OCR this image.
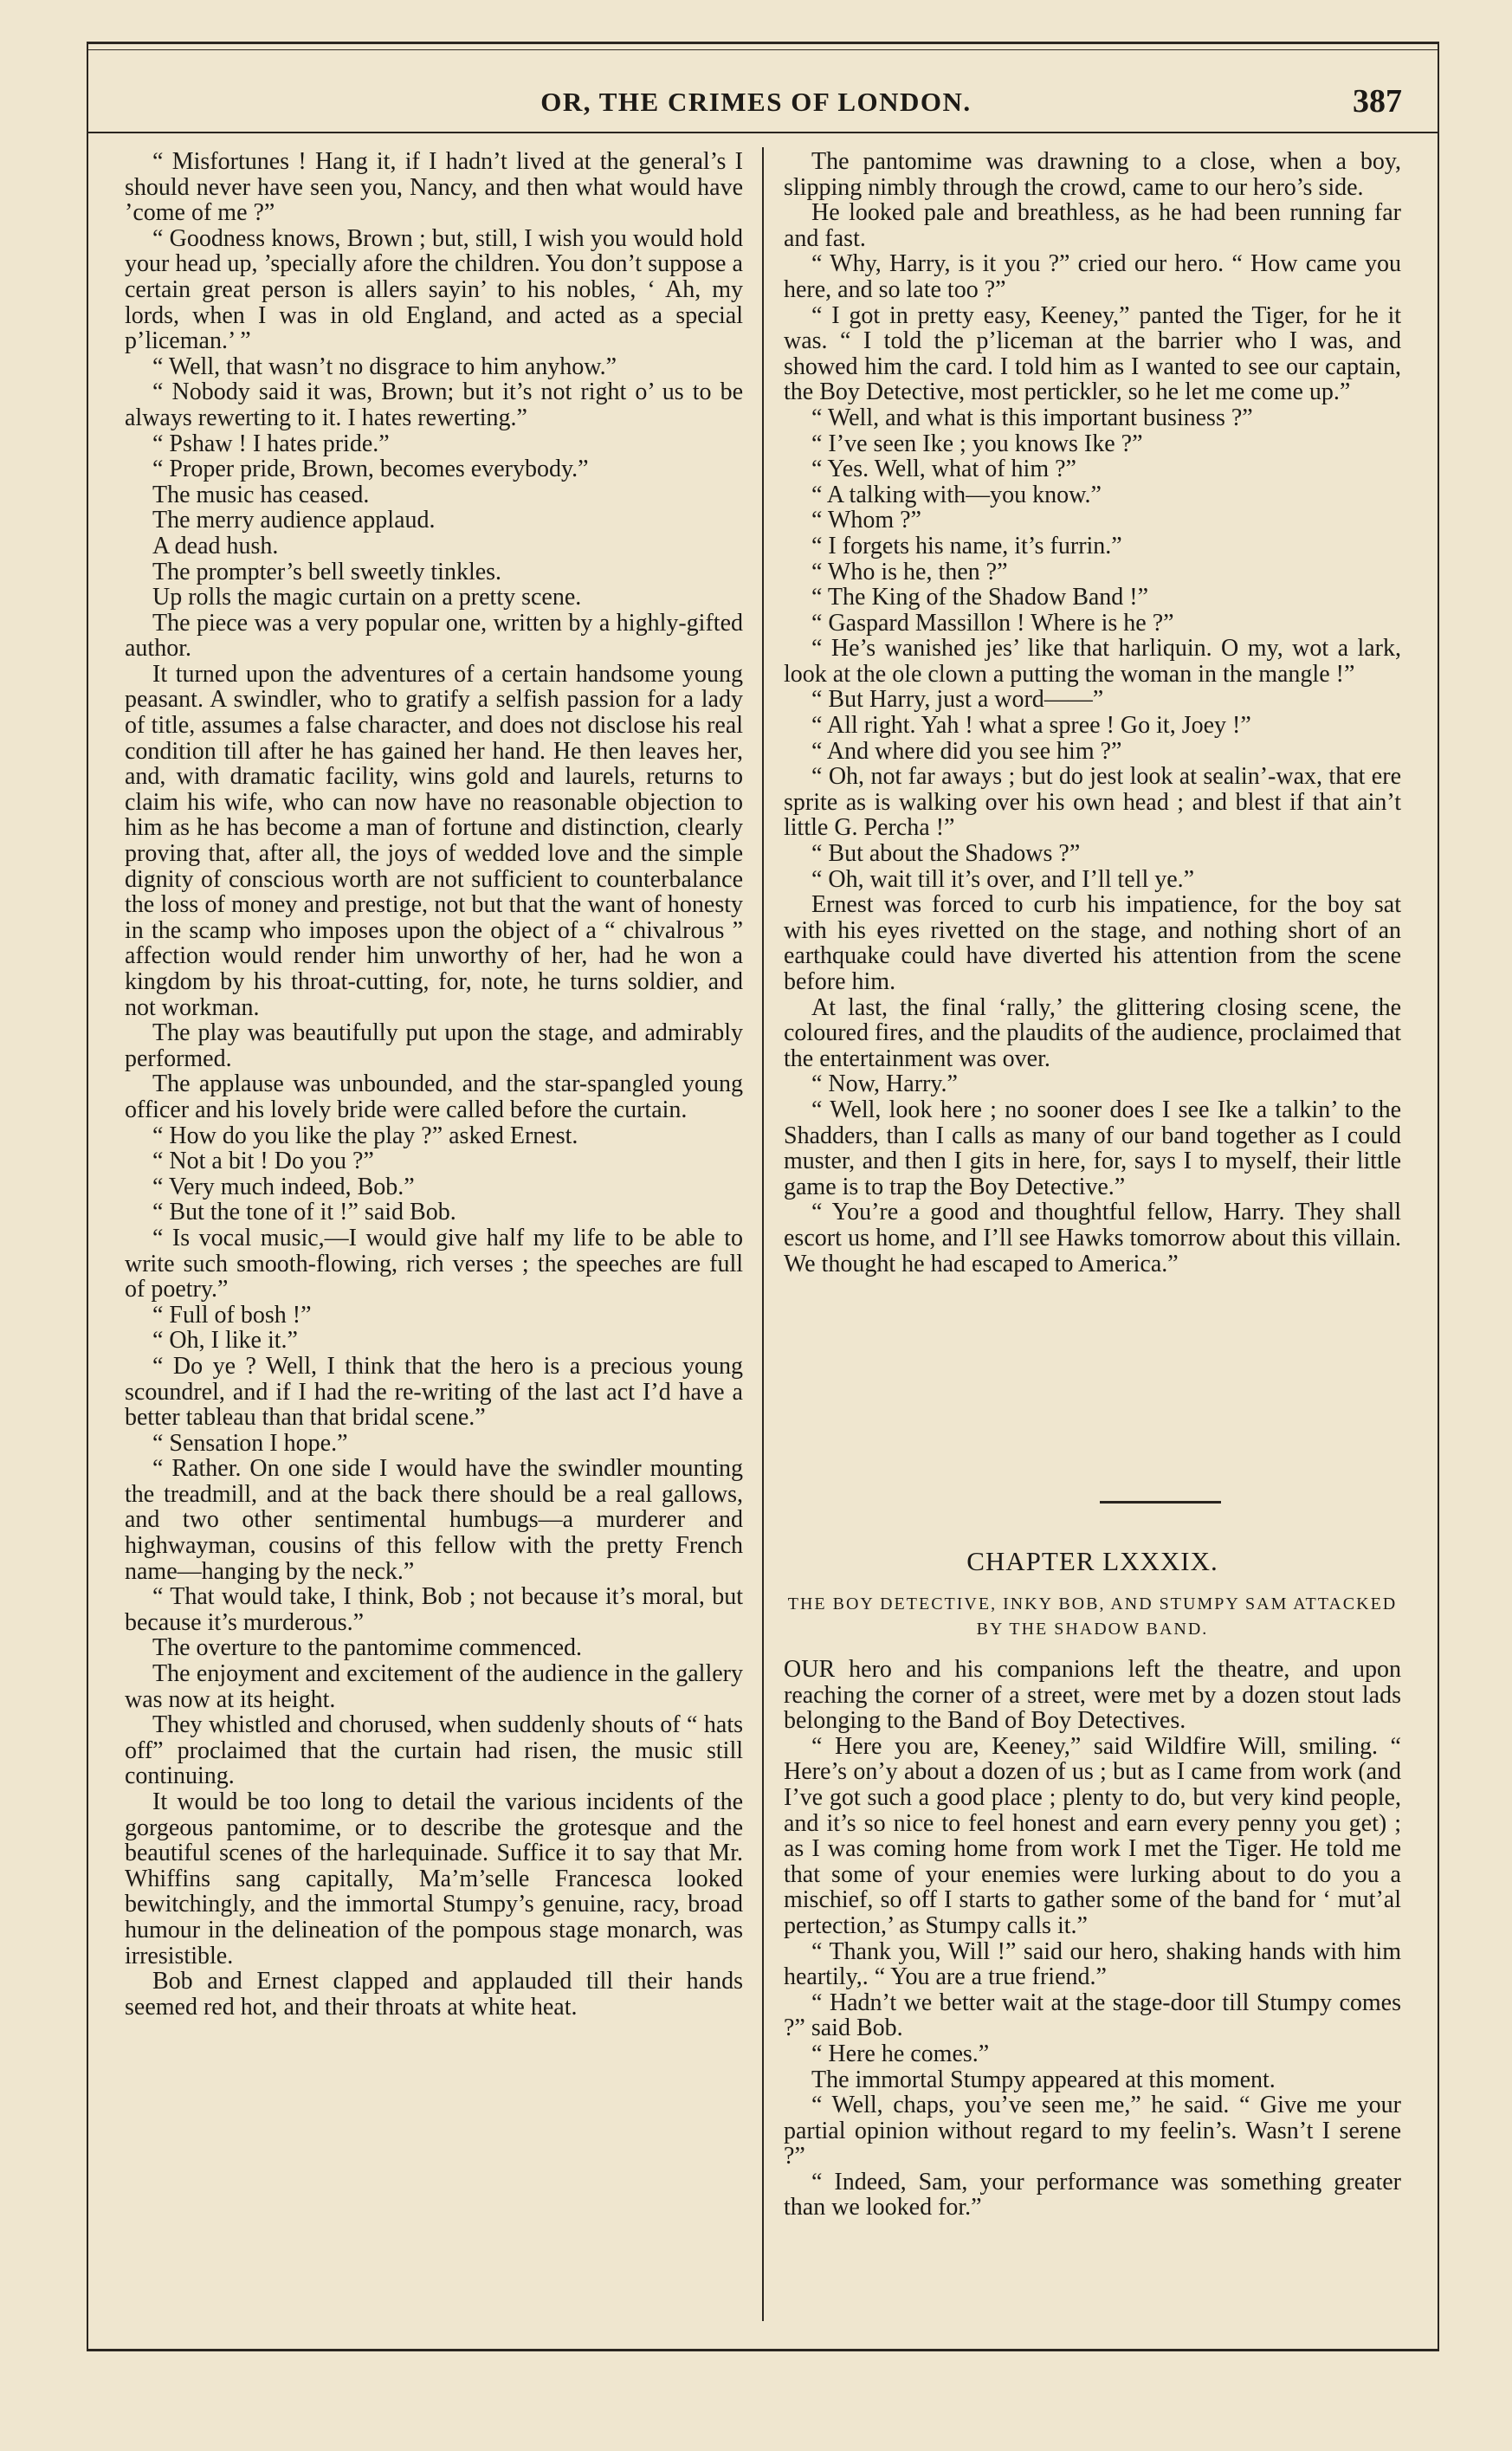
OR, THE CRIMES OF LONDON.	387

“ Misfortunes ! Hang it, if I hadn’t lived at the general’s I should never have seen you, Nancy, and then what would have ’come of me ?”

“ Goodness knows, Brown ; but, still, I wish you would hold your head up, ’specially afore the children. You don’t suppose a certain great person is allers sayin’ to his nobles, ‘ Ah, my lords, when I was in old England, and acted as a special p’liceman.’ ”

“ Well, that wasn’t no disgrace to him anyhow.”

“ Nobody said it was, Brown; but it’s not right o’ us to be always rewerting to it. I hates rewerting.”

“ Pshaw ! I hates pride.”

“ Proper pride, Brown, becomes everybody.”

The music has ceased.

The merry audience applaud.

A dead hush.

The prompter’s bell sweetly tinkles.

Up rolls the magic curtain on a pretty scene.

The piece was a very popular one, written by a highly-gifted author.

It turned upon the adventures of a certain handsome young peasant. A swindler, who to gratify a selfish passion for a lady of title, assumes a false character, and does not disclose his real condition till after he has gained her hand. He then leaves her, and, with dramatic facility, wins gold and laurels, returns to claim his wife, who can now have no reasonable objection to him as he has become a man of fortune and distinction, clearly proving that, after all, the joys of wedded love and the simple dignity of conscious worth are not sufficient to counterbalance the loss of money and prestige, not but that the want of honesty in the scamp who imposes upon the object of a “ chivalrous ” affection would render him unworthy of her, had he won a kingdom by his throat-cutting, for, note, he turns soldier, and not workman.

The play was beautifully put upon the stage, and admirably performed.

The applause was unbounded, and the star-spangled young officer and his lovely bride were called before the curtain.

“ How do you like the play ?” asked Ernest.

“ Not a bit ! Do you ?”

“ Very much indeed, Bob.”

“ But the tone of it !” said Bob.

“ Is vocal music,—I would give half my life to be able to write such smooth-flowing, rich verses ; the speeches are full of poetry.”

“ Full of bosh !”

“ Oh, I like it.”

“ Do ye ? Well, I think that the hero is a precious young scoundrel, and if I had the re-writing of the last act I’d have a better tableau than that bridal scene.”

“ Sensation I hope.”

“ Rather. On one side I would have the swindler mounting the treadmill, and at the back there should be a real gallows, and two other sentimental humbugs—a murderer and highwayman, cousins of this fellow with the pretty French name—hanging by the neck.”

“ That would take, I think, Bob ; not because it’s moral, but because it’s murderous.”

The overture to the pantomime commenced.

The enjoyment and excitement of the audience in the gallery was now at its height.

They whistled and chorused, when suddenly shouts of “ hats off” proclaimed that the curtain had risen, the music still continuing.

It would be too long to detail the various incidents of the gorgeous pantomime, or to describe the grotesque and the beautiful scenes of the harlequinade. Suffice it to say that Mr. Whiffins sang capitally, Ma’m’selle Francesca looked bewitchingly, and the immortal Stumpy’s genuine, racy, broad humour in the delineation of the pompous stage monarch, was irresistible.

Bob and Ernest clapped and applauded till their hands seemed red hot, and their throats at white heat.

The pantomime was drawning to a close, when a boy, slipping nimbly through the crowd, came to our hero’s side.

He looked pale and breathless, as he had been running far and fast.

“ Why, Harry, is it you ?” cried our hero. “ How came you here, and so late too ?”

“ I got in pretty easy, Keeney,” panted the Tiger, for he it was. “ I told the p’liceman at the barrier who I was, and showed him the card. I told him as I wanted to see our captain, the Boy Detective, most pertickler, so he let me come up.”

“ Well, and what is this important business ?”

“ I’ve seen Ike ; you knows Ike ?”

“ Yes. Well, what of him ?”

“ A talking with—you know.”

“ Whom ?”

“ I forgets his name, it’s furrin.”

“ Who is he, then ?”

“ The King of the Shadow Band !”

“ Gaspard Massillon ! Where is he ?”

“ He’s wanished jes’ like that harliquin. O my, wot a lark, look at the ole clown a putting the woman in the mangle !”

“ But Harry, just a word——”

“ All right. Yah ! what a spree ! Go it, Joey !”

“ And where did you see him ?”

“ Oh, not far aways ; but do jest look at sealin’-wax, that ere sprite as is walking over his own head ; and blest if that ain’t little G. Percha !”

“ But about the Shadows ?”

“ Oh, wait till it’s over, and I’ll tell ye.”

Ernest was forced to curb his impatience, for the boy sat with his eyes rivetted on the stage, and nothing short of an earthquake could have diverted his attention from the scene before him.

At last, the final ‘rally,’ the glittering closing scene, the coloured fires, and the plaudits of the audience, proclaimed that the entertainment was over.

“ Now, Harry.”

“ Well, look here ; no sooner does I see Ike a talkin’ to the Shadders, than I calls as many of our band together as I could muster, and then I gits in here, for, says I to myself, their little game is to trap the Boy Detective.”

“ You’re a good and thoughtful fellow, Harry. They shall escort us home, and I’ll see Hawks tomorrow about this villain. We thought he had escaped to America.”

CHAPTER LXXXIX.
THE BOY DETECTIVE, INKY BOB, AND STUMPY SAM ATTACKED BY THE SHADOW BAND.

OUR hero and his companions left the theatre, and upon reaching the corner of a street, were met by a dozen stout lads belonging to the Band of Boy Detectives.

“ Here you are, Keeney,” said Wildfire Will, smiling. “ Here’s on’y about a dozen of us ; but as I came from work (and I’ve got such a good place ; plenty to do, but very kind people, and it’s so nice to feel honest and earn every penny you get) ; as I was coming home from work I met the Tiger. He told me that some of your enemies were lurking about to do you a mischief, so off I starts to gather some of the band for ‘ mut’al pertection,’ as Stumpy calls it.”

“ Thank you, Will !” said our hero, shaking hands with him heartily,. “ You are a true friend.”

“ Hadn’t we better wait at the stage-door till Stumpy comes ?” said Bob.

“ Here he comes.”

The immortal Stumpy appeared at this moment.

“ Well, chaps, you’ve seen me,” he said. “ Give me your partial opinion without regard to my feelin’s. Wasn’t I serene ?”

“ Indeed, Sam, your performance was something greater than we looked for.”
